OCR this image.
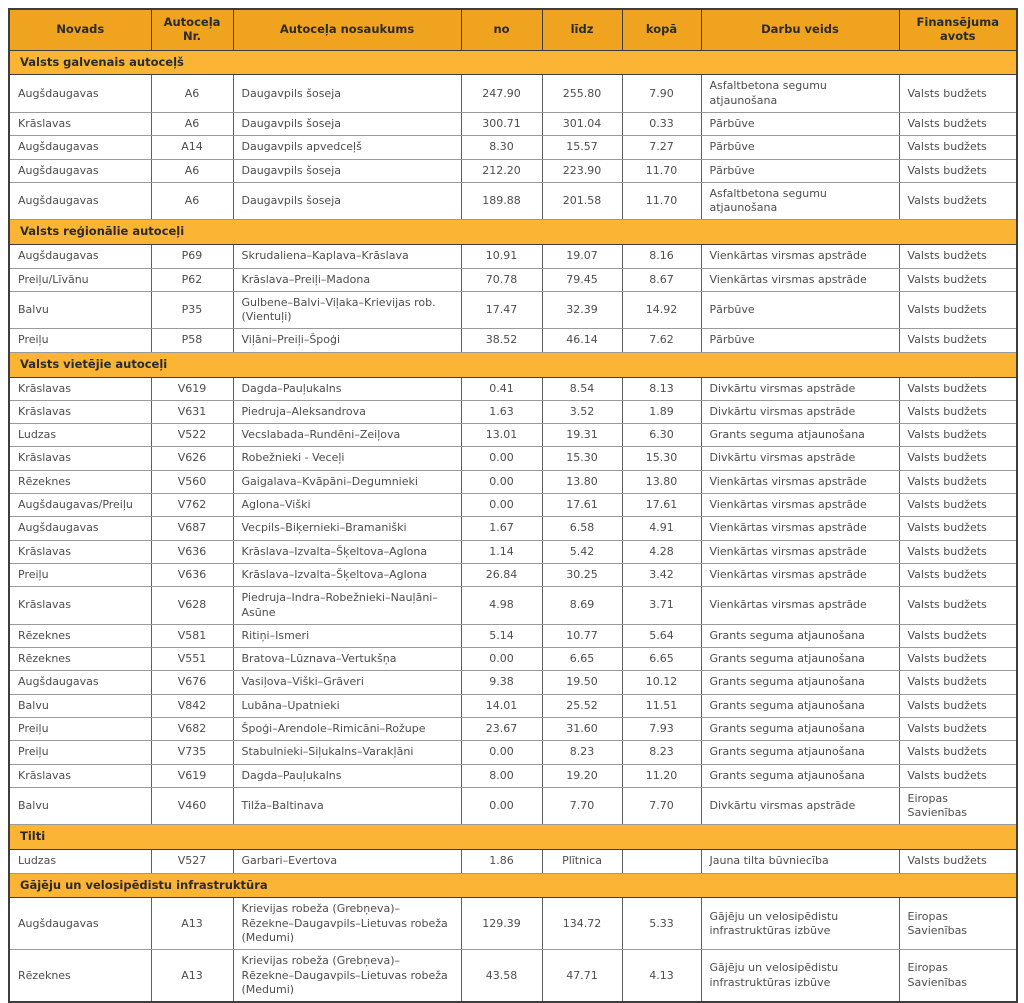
Novads	Autoceļa Nr.	Autoceļa nosaukums	no	līdz	kopā	Darbu veids	Finansējuma avots
Valsts galvenais autoceļš							
Augšdaugavas	A6	Daugavpils šoseja	247.90	255.80	7.90	Asfaltbetona segumu atjaunošana	Valsts budžets
Krāslavas	A6	Daugavpils šoseja	300.71	301.04	0.33	Pārbūve	Valsts budžets
Augšdaugavas	A14	Daugavpils apvedceļš	8.30	15.57	7.27	Pārbūve	Valsts budžets
Augšdaugavas	A6	Daugavpils šoseja	212.20	223.90	11.70	Pārbūve	Valsts budžets
Augšdaugavas	A6	Daugavpils šoseja	189.88	201.58	11.70	Asfaltbetona segumu atjaunošana	Valsts budžets
Valsts reģionālie autoceļi							
Augšdaugavas	P69	Skrudaliena–Kaplava–Krāslava	10.91	19.07	8.16	Vienkārtas virsmas apstrāde	Valsts budžets
Preiļu/Līvānu	P62	Krāslava–Preiļi–Madona	70.78	79.45	8.67	Vienkārtas virsmas apstrāde	Valsts budžets
Balvu	P35	Gulbene–Balvi–Viļaka–Krievijas rob. (Vientuļi)	17.47	32.39	14.92	Pārbūve	Valsts budžets
Preiļu	P58	Viļāni–Preiļi–Špoģi	38.52	46.14	7.62	Pārbūve	Valsts budžets
Valsts vietējie autoceļi							
Krāslavas	V619	Dagda–Pauļukalns	0.41	8.54	8.13	Divkārtu virsmas apstrāde	Valsts budžets
Krāslavas	V631	Piedruja–Aleksandrova	1.63	3.52	1.89	Divkārtu virsmas apstrāde	Valsts budžets
Ludzas	V522	Vecslabada–Rundēni–Zeiļova	13.01	19.31	6.30	Grants seguma atjaunošana	Valsts budžets
Krāslavas	V626	Robežnieki - Veceļi	0.00	15.30	15.30	Divkārtu virsmas apstrāde	Valsts budžets
Rēzeknes	V560	Gaigalava–Kvāpāni–Degumnieki	0.00	13.80	13.80	Vienkārtas virsmas apstrāde	Valsts budžets
Augšdaugavas/Preiļu	V762	Aglona–Viški	0.00	17.61	17.61	Vienkārtas virsmas apstrāde	Valsts budžets
Augšdaugavas	V687	Vecpils–Biķernieki–Bramaniški	1.67	6.58	4.91	Vienkārtas virsmas apstrāde	Valsts budžets
Krāslavas	V636	Krāslava–Izvalta–Šķeltova–Aglona	1.14	5.42	4.28	Vienkārtas virsmas apstrāde	Valsts budžets
Preiļu	V636	Krāslava–Izvalta–Šķeltova–Aglona	26.84	30.25	3.42	Vienkārtas virsmas apstrāde	Valsts budžets
Krāslavas	V628	Piedruja–Indra–Robežnieki–Nauļāni–Asūne	4.98	8.69	3.71	Vienkārtas virsmas apstrāde	Valsts budžets
Rēzeknes	V581	Ritiņi–Ismeri	5.14	10.77	5.64	Grants seguma atjaunošana	Valsts budžets
Rēzeknes	V551	Bratova–Lūznava–Vertukšņa	0.00	6.65	6.65	Grants seguma atjaunošana	Valsts budžets
Augšdaugavas	V676	Vasiļova–Viški–Grāveri	9.38	19.50	10.12	Grants seguma atjaunošana	Valsts budžets
Balvu	V842	Lubāna–Upatnieki	14.01	25.52	11.51	Grants seguma atjaunošana	Valsts budžets
Preiļu	V682	Špoģi–Arendole–Rimicāni–Rožupe	23.67	31.60	7.93	Grants seguma atjaunošana	Valsts budžets
Preiļu	V735	Stabulnieki–Siļukalns–Varakļāni	0.00	8.23	8.23	Grants seguma atjaunošana	Valsts budžets
Krāslavas	V619	Dagda–Pauļukalns	8.00	19.20	11.20	Grants seguma atjaunošana	Valsts budžets
Balvu	V460	Tilža–Baltinava	0.00	7.70	7.70	Divkārtu virsmas apstrāde	Eiropas Savienības
Tilti							
Ludzas	V527	Garbari–Evertova	1.86	Plītnica		Jauna tilta būvniecība	Valsts budžets
Gājēju un velosipēdistu infrastruktūra							
Augšdaugavas	A13	Krievijas robeža (Grebņeva)–Rēzekne–Daugavpils–Lietuvas robeža (Medumi)	129.39	134.72	5.33	Gājēju un velosipēdistu infrastruktūras izbūve	Eiropas Savienības
Rēzeknes	A13	Krievijas robeža (Grebņeva)–Rēzekne–Daugavpils–Lietuvas robeža (Medumi)	43.58	47.71	4.13	Gājēju un velosipēdistu infrastruktūras izbūve	Eiropas Savienības
